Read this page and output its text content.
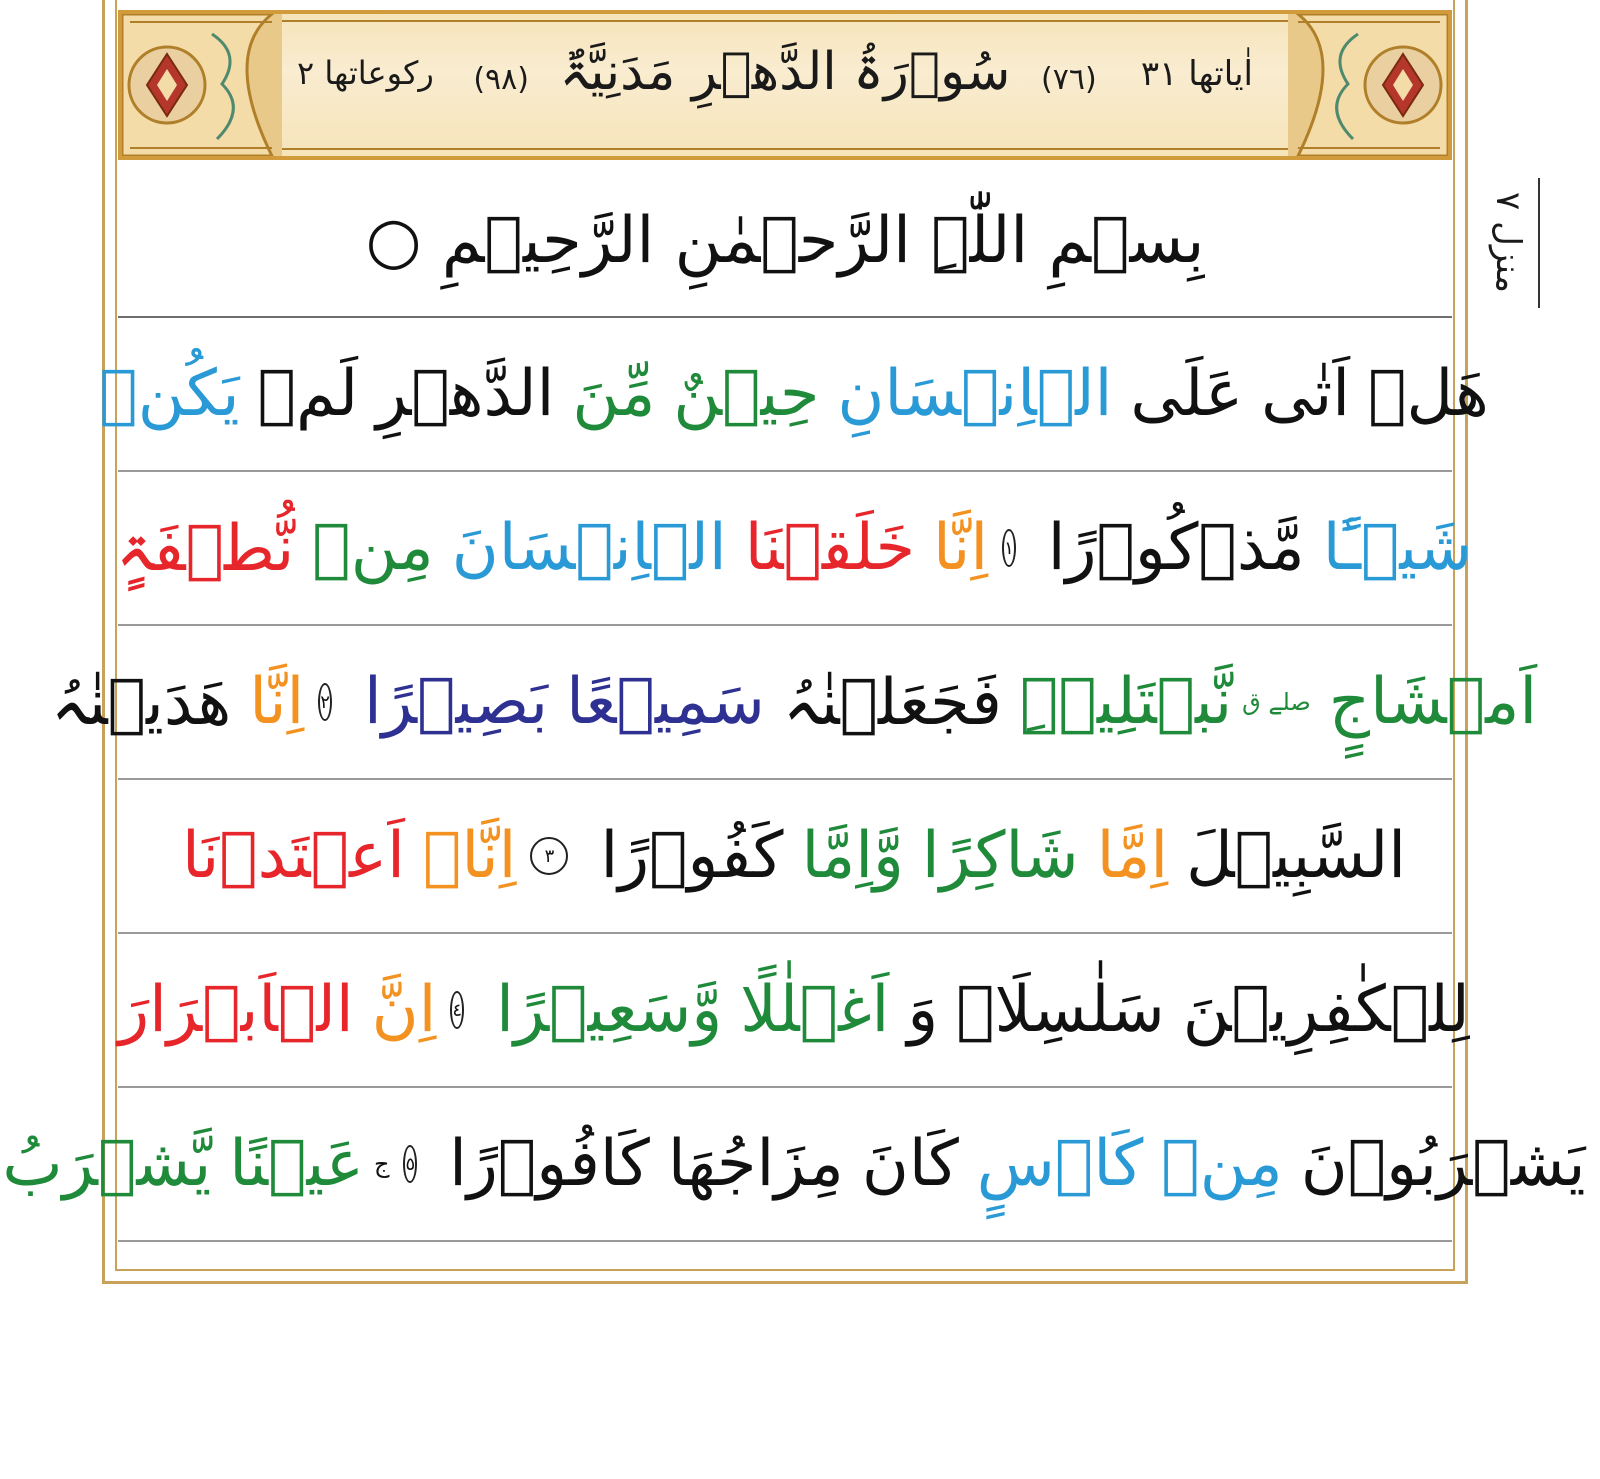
اٰیاتھا ۳۱
(٧٦) سُوۡرَۃُ الدَّھۡرِ مَدَنِیَّۃٌ (٩٨)
رکوعاتھا ٢
بِسۡمِ اللّٰہِ الرَّحۡمٰنِ الرَّحِیۡمِ ○
ھَلۡ
اَتٰی
عَلَی
الۡاِنۡسَانِ
حِیۡنٌ
مِّنَ
الدَّھۡرِ
لَمۡ
یَکُنۡ
شَیۡـًٔا
مَّذۡکُوۡرًا
١
اِنَّا
خَلَقۡنَا
الۡاِنۡسَانَ
مِنۡ
نُّطۡفَۃٍ
اَمۡشَاجٍ
صلے ق
نَّبۡتَلِیۡہِ
فَجَعَلۡنٰہُ
سَمِیۡعًا
بَصِیۡرًا
٢
اِنَّا
ھَدَیۡنٰہُ
السَّبِیۡلَ
اِمَّا
شَاکِرًا
وَّاِمَّا
کَفُوۡرًا
٣
اِنَّاۤ
اَعۡتَدۡنَا
لِلۡکٰفِرِیۡنَ
سَلٰسِلَا۠
وَ
اَغۡلٰلًا
وَّسَعِیۡرًا
٤
اِنَّ
الۡاَبۡرَارَ
یَشۡرَبُوۡنَ
مِنۡ
کَاۡسٍ
کَانَ
مِزَاجُھَا
کَافُوۡرًا
٥
ج
عَیۡنًا
یَّشۡرَبُ
منزل ٧
